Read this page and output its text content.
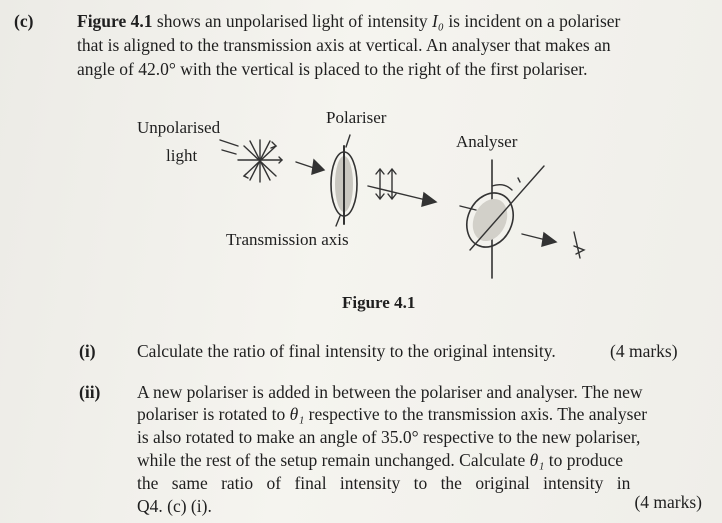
(c) Figure 4.1 shows an unpolarised light of intensity I₀ is incident on a polariser
that is aligned to the transmission axis at vertical. An analyser that makes an
angle of 42.0° with the vertical is placed to the right of the first polariser.
Unpolarised
light
Polariser
Analyser
Transmission axis
Figure 4.1
(i) Calculate the ratio of final intensity to the original intensity.	(4 marks)
(ii) A new polariser is added in between the polariser and analyser. The new
polariser is rotated to θ₁ respective to the transmission axis. The analyser
is also rotated to make an angle of 35.0° respective to the new polariser,
while the rest of the setup remain unchanged. Calculate θ₁ to produce
the same ratio of final intensity to the original intensity in
Q4. (c) (i).	(4 marks)
